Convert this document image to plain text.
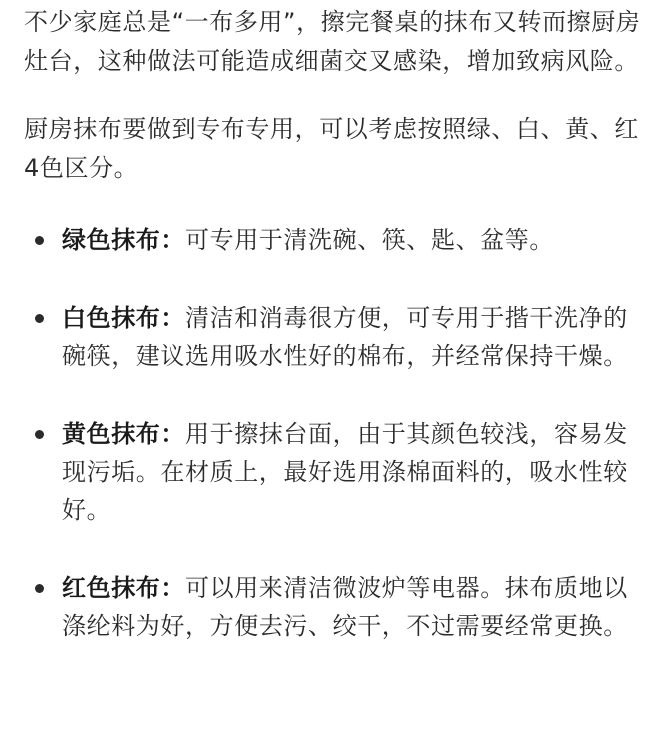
不少家庭总是“一布多用”，擦完餐桌的抹布又转而擦厨房灶台，这种做法可能造成细菌交叉感染，增加致病风险。

厨房抹布要做到专布专用，可以考虑按照绿、白、黄、红4色区分。

绿色抹布：可专用于清洗碗、筷、匙、盆等。
白色抹布：清洁和消毒很方便，可专用于揩干洗净的碗筷，建议选用吸水性好的棉布，并经常保持干燥。
黄色抹布：用于擦抹台面，由于其颜色较浅，容易发现污垢。在材质上，最好选用涤棉面料的，吸水性较好。
红色抹布：可以用来清洁微波炉等电器。抹布质地以涤纶料为好，方便去污、绞干，不过需要经常更换。
